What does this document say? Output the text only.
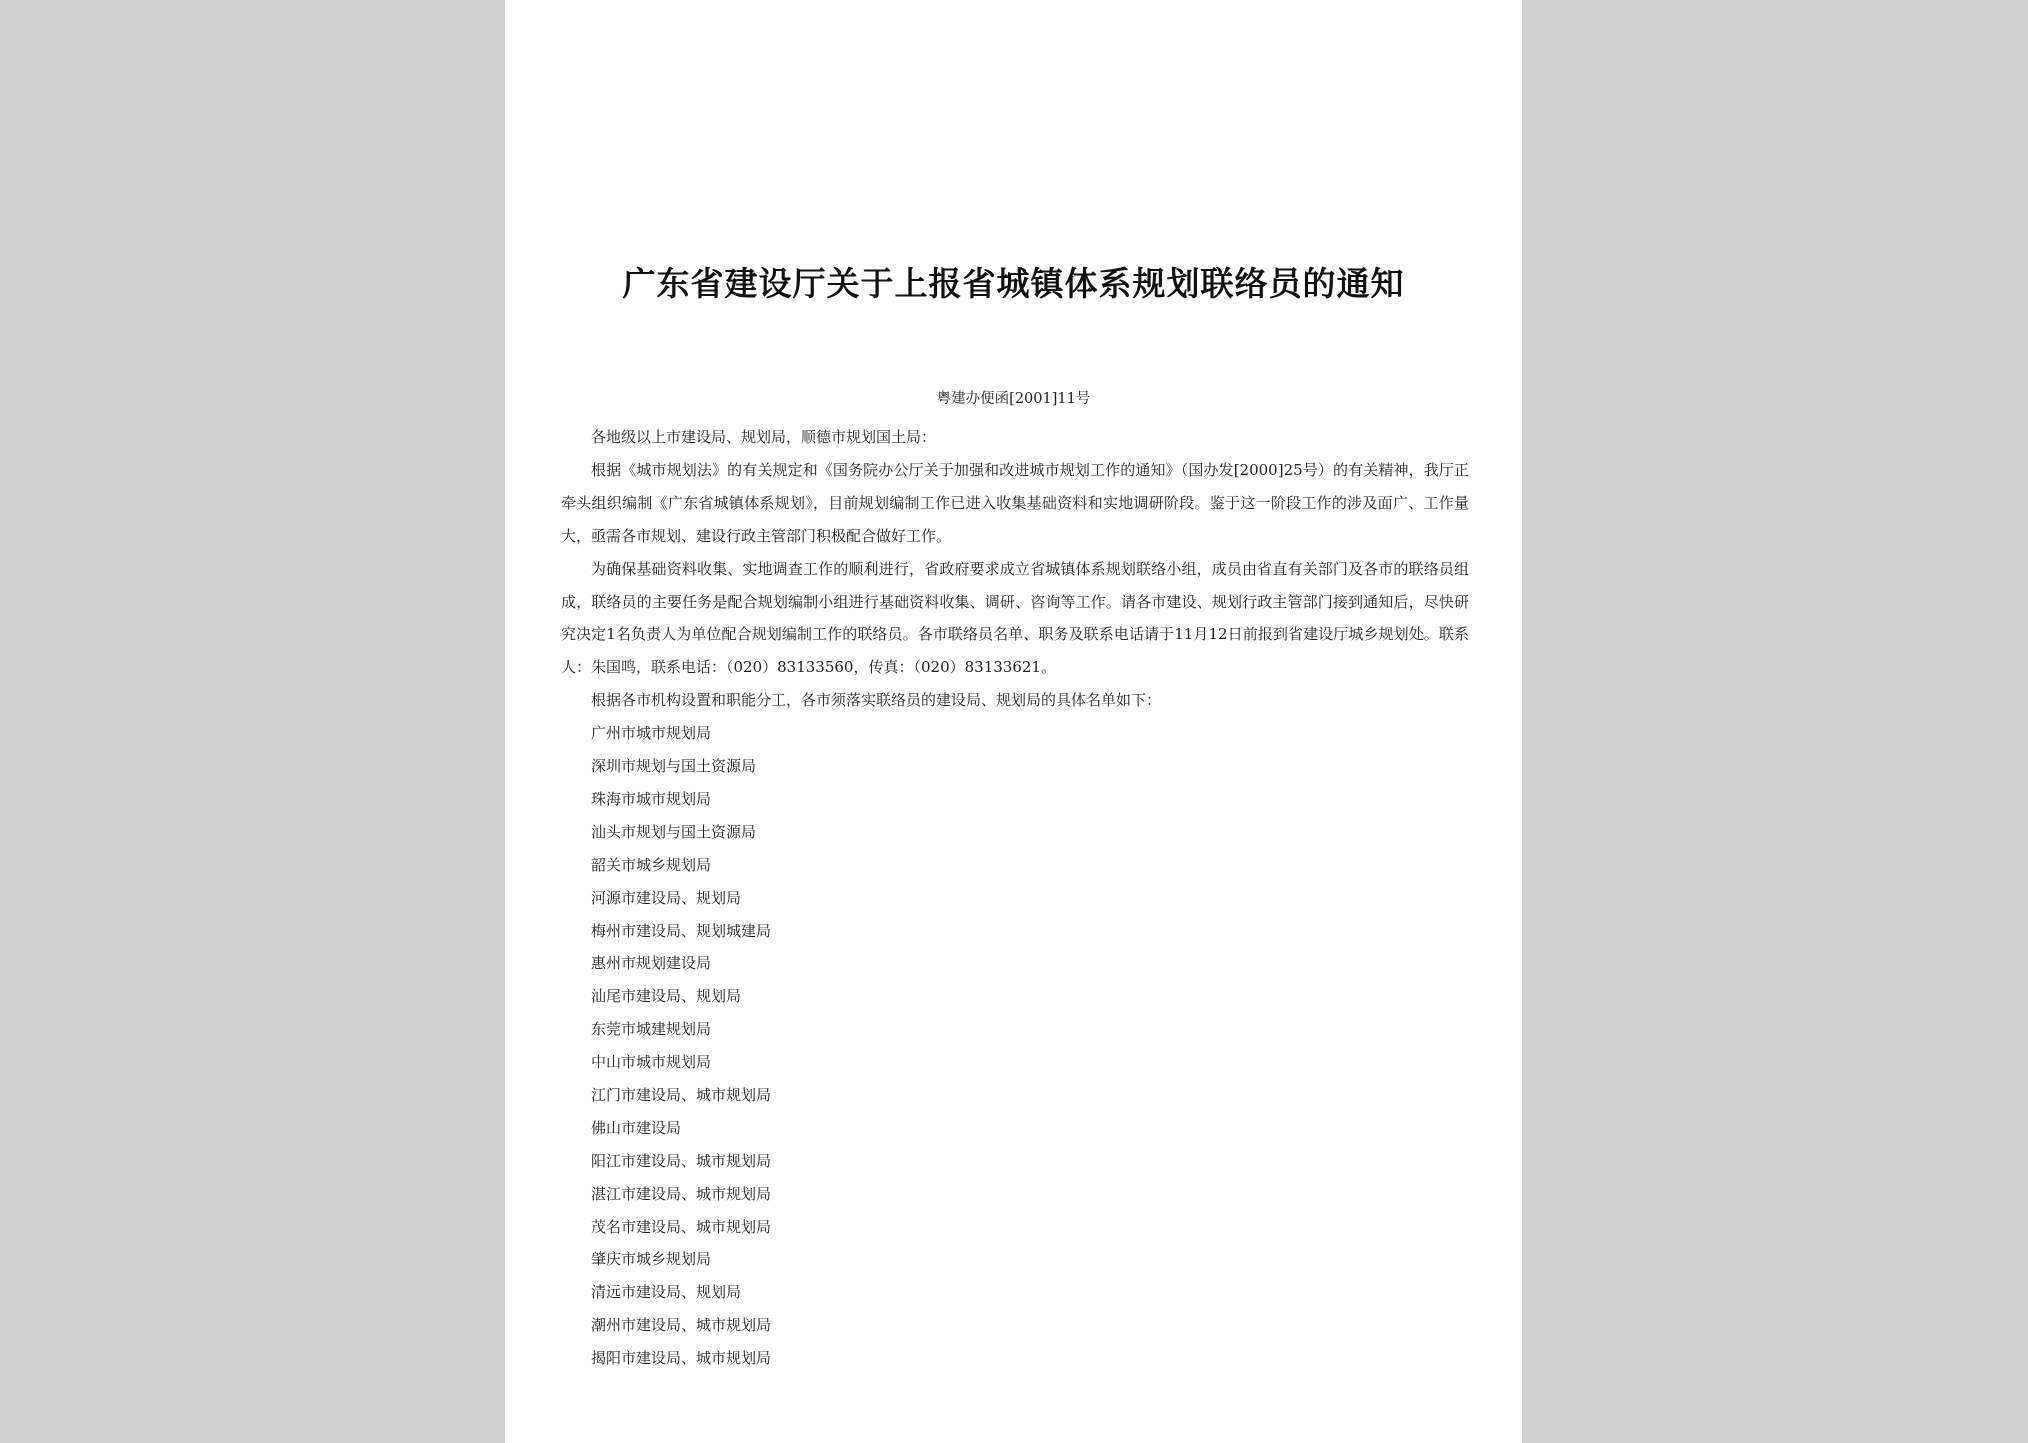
广东省建设厅关于上报省城镇体系规划联络员的通知
粤建办便函[2001]11号

各地级以上市建设局、规划局，顺德市规划国土局：

根据《城市规划法》的有关规定和《国务院办公厅关于加强和改进城市规划工作的通知》（国办发[2000]25号）的有关精神，我厅正牵头组织编制《广东省城镇体系规划》，目前规划编制工作已进入收集基础资料和实地调研阶段。鉴于这一阶段工作的涉及面广、工作量大，亟需各市规划、建设行政主管部门积极配合做好工作。

为确保基础资料收集、实地调查工作的顺利进行，省政府要求成立省城镇体系规划联络小组，成员由省直有关部门及各市的联络员组成，联络员的主要任务是配合规划编制小组进行基础资料收集、调研、咨询等工作。请各市建设、规划行政主管部门接到通知后，尽快研究决定1名负责人为单位配合规划编制工作的联络员。各市联络员名单、职务及联系电话请于11月12日前报到省建设厅城乡规划处。联系人：朱国鸣，联系电话：（020）83133560，传真：（020）83133621。

根据各市机构设置和职能分工，各市须落实联络员的建设局、规划局的具体名单如下：

广州市城市规划局
深圳市规划与国土资源局
珠海市城市规划局
汕头市规划与国土资源局
韶关市城乡规划局
河源市建设局、规划局
梅州市建设局、规划城建局
惠州市规划建设局
汕尾市建设局、规划局
东莞市城建规划局
中山市城市规划局
江门市建设局、城市规划局
佛山市建设局
阳江市建设局、城市规划局
湛江市建设局、城市规划局
茂名市建设局、城市规划局
肇庆市城乡规划局
清远市建设局、规划局
潮州市建设局、城市规划局
揭阳市建设局、城市规划局
